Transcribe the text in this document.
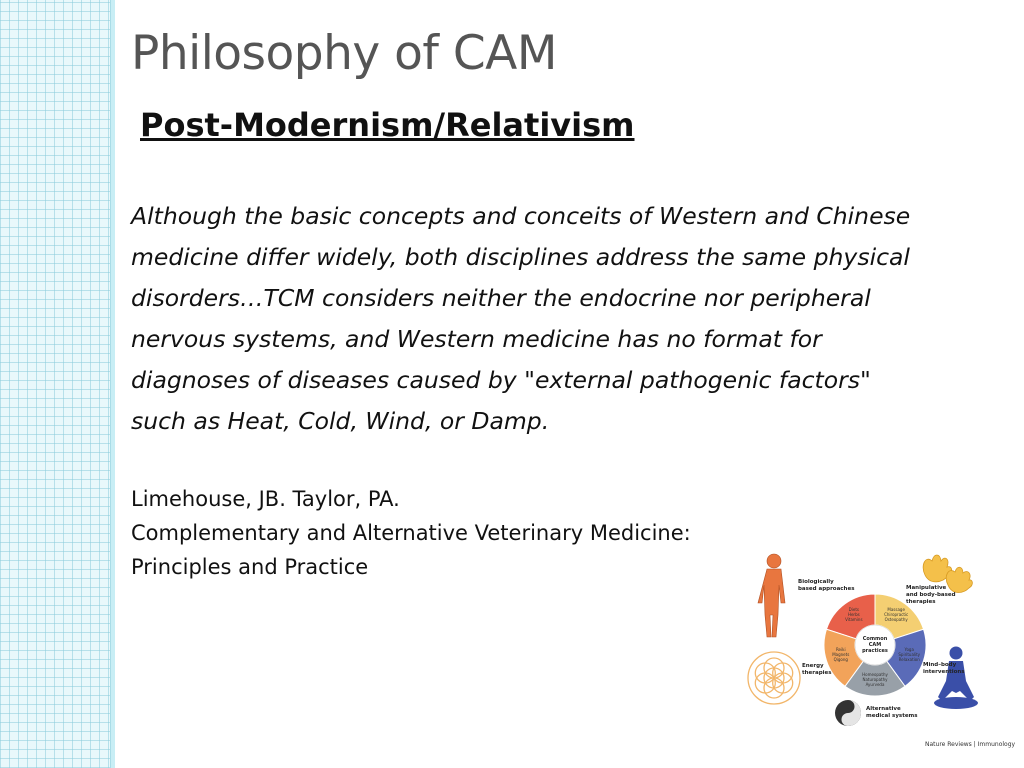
Philosophy of CAM
Post-Modernism/Relativism

Although the basic concepts and conceits of Western and Chinese
medicine differ widely, both disciplines address the same physical
disorders…TCM considers neither the endocrine nor peripheral
nervous systems, and Western medicine has no format for
diagnoses of diseases caused by "external pathogenic factors"
such as Heat, Cold, Wind, or Damp.

Limehouse, JB. Taylor, PA.
Complementary and Alternative Veterinary Medicine:
Principles and Practice
Biologically
based approaches	Manipulative
and body-based
therapies
Energy
therapies
Diets
Herbs
Vitamins
Massage
Chiropractic
Osteopathy
Yoga
Spirituality
Relaxation
Homeopathy
Naturopathy
Ayurveda
Reiki
Magnets
Qigong
Common
CAM
practices
Mind–body
interventions
Alternative
medical systems
Nature Reviews | Immunology
